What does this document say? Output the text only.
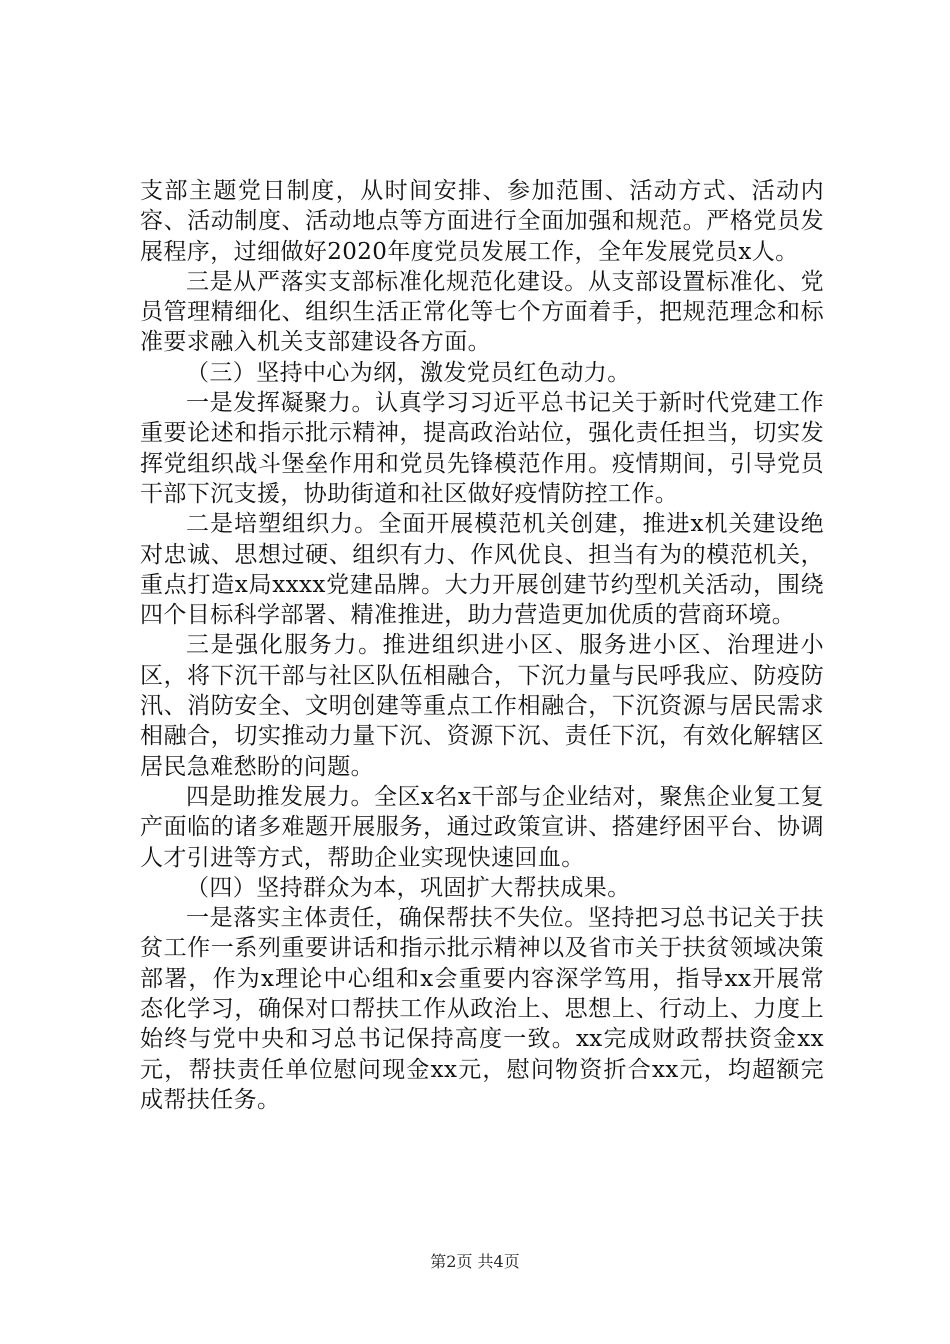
支部主题党日制度，从时间安排、参加范围、活动方式、活动内容、活动制度、活动地点等方面进行全面加强和规范。严格党员发展程序，过细做好2020年度党员发展工作，全年发展党员x人。

三是从严落实支部标准化规范化建设。从支部设置标准化、党员管理精细化、组织生活正常化等七个方面着手，把规范理念和标准要求融入机关支部建设各方面。

（三）坚持中心为纲，激发党员红色动力。

一是发挥凝聚力。认真学习习近平总书记关于新时代党建工作重要论述和指示批示精神，提高政治站位，强化责任担当，切实发挥党组织战斗堡垒作用和党员先锋模范作用。疫情期间，引导党员干部下沉支援，协助街道和社区做好疫情防控工作。

二是培塑组织力。全面开展模范机关创建，推进x机关建设绝对忠诚、思想过硬、组织有力、作风优良、担当有为的模范机关，重点打造x局xxxx党建品牌。大力开展创建节约型机关活动，围绕四个目标科学部署、精准推进，助力营造更加优质的营商环境。

三是强化服务力。推进组织进小区、服务进小区、治理进小区，将下沉干部与社区队伍相融合，下沉力量与民呼我应、防疫防汛、消防安全、文明创建等重点工作相融合，下沉资源与居民需求相融合，切实推动力量下沉、资源下沉、责任下沉，有效化解辖区居民急难愁盼的问题。

四是助推发展力。全区x名x干部与企业结对，聚焦企业复工复产面临的诸多难题开展服务，通过政策宣讲、搭建纾困平台、协调人才引进等方式，帮助企业实现快速回血。

（四）坚持群众为本，巩固扩大帮扶成果。

一是落实主体责任，确保帮扶不失位。坚持把习总书记关于扶贫工作一系列重要讲话和指示批示精神以及省市关于扶贫领域决策部署，作为x理论中心组和x会重要内容深学笃用，指导xx开展常态化学习，确保对口帮扶工作从政治上、思想上、行动上、力度上始终与党中央和习总书记保持高度一致。xx完成财政帮扶资金xx元，帮扶责任单位慰问现金xx元，慰问物资折合xx元，均超额完成帮扶任务。

第2页 共4页
